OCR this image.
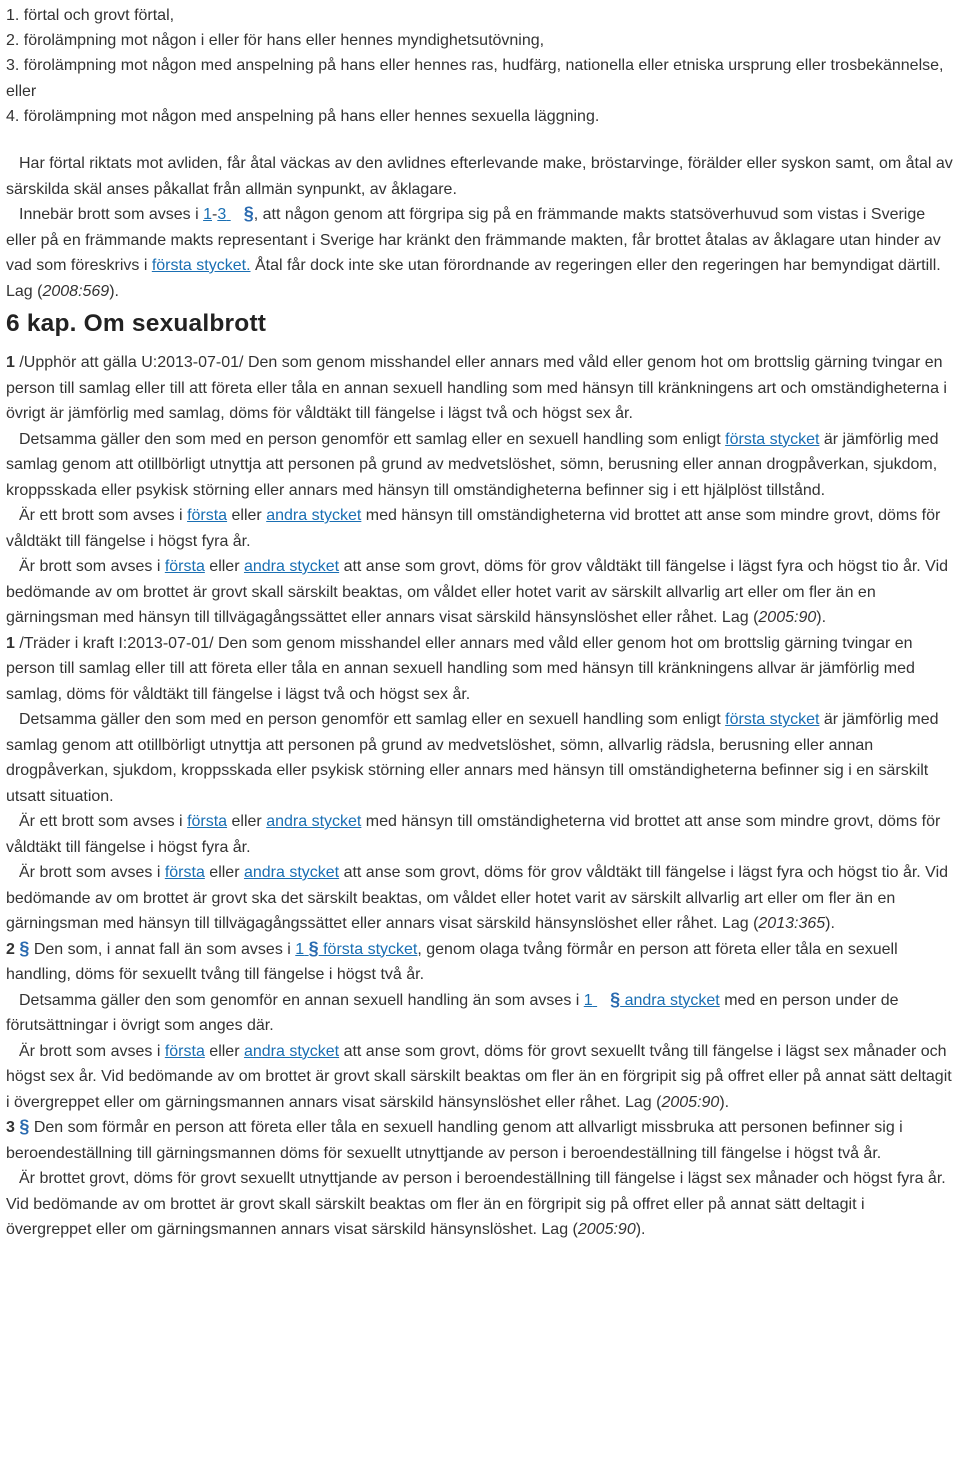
1. förtal och grovt förtal,
2. förolämpning mot någon i eller för hans eller hennes myndighetsutövning,
3. förolämpning mot någon med anspelning på hans eller hennes ras, hudfärg, nationella eller etniska ursprung eller trosbekännelse, eller
4. förolämpning mot någon med anspelning på hans eller hennes sexuella läggning.

Har förtal riktats mot avliden, får åtal väckas av den avlidnes efterlevande make, bröstarvinge, förälder eller syskon samt, om åtal av särskilda skäl anses påkallat från allmän synpunkt, av åklagare.

Innebär brott som avses i 1-3 §, att någon genom att förgripa sig på en främmande makts statsöverhuvud som vistas i Sverige eller på en främmande makts representant i Sverige har kränkt den främmande makten, får brottet åtalas av åklagare utan hinder av vad som föreskrivs i första stycket. Åtal får dock inte ske utan förordnande av regeringen eller den regeringen har bemyndigat därtill. Lag (2008:569).

6 kap. Om sexualbrott

1 /Upphör att gälla U:2013-07-01/ Den som genom misshandel eller annars med våld eller genom hot om brottslig gärning tvingar en person till samlag eller till att företa eller tåla en annan sexuell handling som med hänsyn till kränkningens art och omständigheterna i övrigt är jämförlig med samlag, döms för våldtäkt till fängelse i lägst två och högst sex år.

Detsamma gäller den som med en person genomför ett samlag eller en sexuell handling som enligt första stycket är jämförlig med samlag genom att otillbörligt utnyttja att personen på grund av medvetslöshet, sömn, berusning eller annan drogpåverkan, sjukdom, kroppsskada eller psykisk störning eller annars med hänsyn till omständigheterna befinner sig i ett hjälplöst tillstånd.

Är ett brott som avses i första eller andra stycket med hänsyn till omständigheterna vid brottet att anse som mindre grovt, döms för våldtäkt till fängelse i högst fyra år.

Är brott som avses i första eller andra stycket att anse som grovt, döms för grov våldtäkt till fängelse i lägst fyra och högst tio år. Vid bedömande av om brottet är grovt skall särskilt beaktas, om våldet eller hotet varit av särskilt allvarlig art eller om fler än en gärningsman med hänsyn till tillvägagångssättet eller annars visat särskild hänsynslöshet eller råhet. Lag (2005:90).

1 /Träder i kraft I:2013-07-01/ Den som genom misshandel eller annars med våld eller genom hot om brottslig gärning tvingar en person till samlag eller till att företa eller tåla en annan sexuell handling som med hänsyn till kränkningens allvar är jämförlig med samlag, döms för våldtäkt till fängelse i lägst två och högst sex år.

Detsamma gäller den som med en person genomför ett samlag eller en sexuell handling som enligt första stycket är jämförlig med samlag genom att otillbörligt utnyttja att personen på grund av medvetslöshet, sömn, allvarlig rädsla, berusning eller annan drogpåverkan, sjukdom, kroppsskada eller psykisk störning eller annars med hänsyn till omständigheterna befinner sig i en särskilt utsatt situation.

Är ett brott som avses i första eller andra stycket med hänsyn till omständigheterna vid brottet att anse som mindre grovt, döms för våldtäkt till fängelse i högst fyra år.

Är brott som avses i första eller andra stycket att anse som grovt, döms för grov våldtäkt till fängelse i lägst fyra och högst tio år. Vid bedömande av om brottet är grovt ska det särskilt beaktas, om våldet eller hotet varit av särskilt allvarlig art eller om fler än en gärningsman med hänsyn till tillvägagångssättet eller annars visat särskild hänsynslöshet eller råhet. Lag (2013:365).

2 § Den som, i annat fall än som avses i 1 § första stycket, genom olaga tvång förmår en person att företa eller tåla en sexuell handling, döms för sexuellt tvång till fängelse i högst två år.

Detsamma gäller den som genomför en annan sexuell handling än som avses i 1 § andra stycket med en person under de förutsättningar i övrigt som anges där.

Är brott som avses i första eller andra stycket att anse som grovt, döms för grovt sexuellt tvång till fängelse i lägst sex månader och högst sex år. Vid bedömande av om brottet är grovt skall särskilt beaktas om fler än en förgripit sig på offret eller på annat sätt deltagit i övergreppet eller om gärningsmannen annars visat särskild hänsynslöshet eller råhet. Lag (2005:90).

3 § Den som förmår en person att företa eller tåla en sexuell handling genom att allvarligt missbruka att personen befinner sig i beroendeställning till gärningsmannen döms för sexuellt utnyttjande av person i beroendeställning till fängelse i högst två år.

Är brottet grovt, döms för grovt sexuellt utnyttjande av person i beroendeställning till fängelse i lägst sex månader och högst fyra år. Vid bedömande av om brottet är grovt skall särskilt beaktas om fler än en förgripit sig på offret eller på annat sätt deltagit i övergreppet eller om gärningsmannen annars visat särskild hänsynslöshet. Lag (2005:90).
